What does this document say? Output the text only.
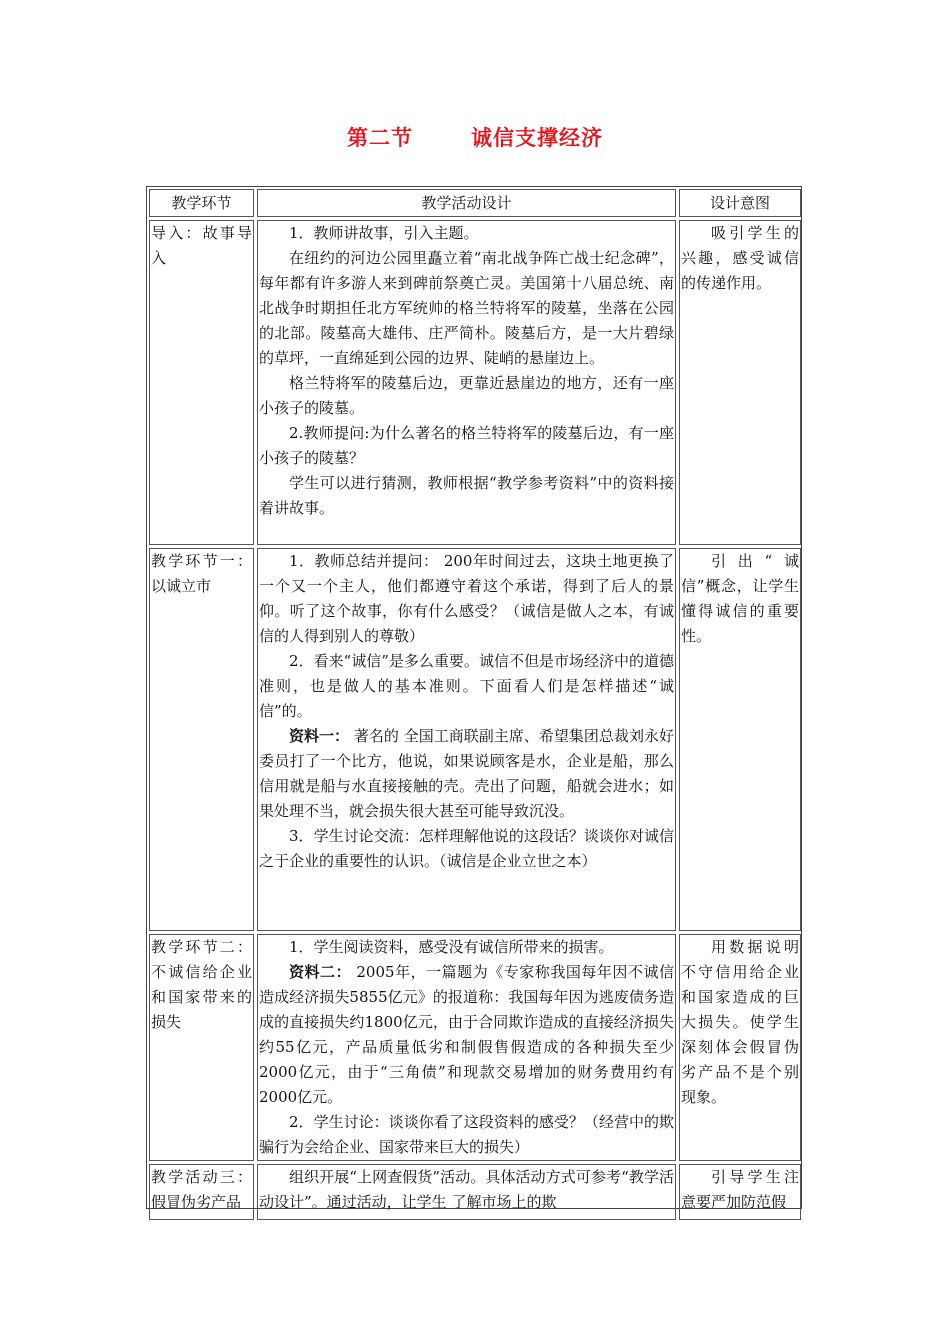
第二节	诚信支撑经济
教学环节	教学活动设计	设计意图

导入：故事导入	1．教师讲故事，引入主题。

在纽约的河边公园里矗立着“南北战争阵亡战士纪念碑”，每年都有许多游人来到碑前祭奠亡灵。美国第十八届总统、南北战争时期担任北方军统帅的格兰特将军的陵墓，坐落在公园的北部。陵墓高大雄伟、庄严简朴。陵墓后方，是一大片碧绿的草坪，一直绵延到公园的边界、陡峭的悬崖边上。

格兰特将军的陵墓后边，更靠近悬崖边的地方，还有一座小孩子的陵墓。

2.教师提问:为什么著名的格兰特将军的陵墓后边，有一座小孩子的陵墓？

学生可以进行猜测，教师根据“教学参考资料”中的资料接着讲故事。	吸引学生的兴趣，感受诚信的传递作用。

教学环节一：以诚立市	1．教师总结并提问： 200年时间过去，这块土地更换了一个又一个主人，他们都遵守着这个承诺，得到了后人的景仰。听了这个故事，你有什么感受？（诚信是做人之本，有诚信的人得到别人的尊敬）

2．看来“诚信”是多么重要。诚信不但是市场经济中的道德准则，也是做人的基本准则。下面看人们是怎样描述“诚信”的。

资料一： 著名的 全国工商联副主席、希望集团总裁刘永好委员打了一个比方，他说，如果说顾客是水，企业是船，那么信用就是船与水直接接触的壳。壳出了问题，船就会进水；如果处理不当，就会损失很大甚至可能导致沉没。

3．学生讨论交流：怎样理解他说的这段话？谈谈你对诚信之于企业的重要性的认识。（诚信是企业立世之本）	引出“诚信”概念，让学生懂得诚信的重要性。

教学环节二：不诚信给企业和国家带来的损失	1．学生阅读资料，感受没有诚信所带来的损害。

资料二： 2005年，一篇题为《专家称我国每年因不诚信造成经济损失5855亿元》的报道称：我国每年因为逃废债务造成的直接损失约1800亿元，由于合同欺诈造成的直接经济损失约55亿元，产品质量低劣和制假售假造成的各种损失至少2000亿元，由于“三角债”和现款交易增加的财务费用约有2000亿元。

2．学生讨论：谈谈你看了这段资料的感受？（经营中的欺骗行为会给企业、国家带来巨大的损失）	用数据说明不守信用给企业和国家造成的巨大损失。使学生深刻体会假冒伪劣产品不是个别现象。

教学活动三：假冒伪劣产品	组织开展“上网查假货”活动。具体活动方式可参考“教学活动设计”。通过活动，让学生 了解市场上的欺	引导学生注意要严加防范假
